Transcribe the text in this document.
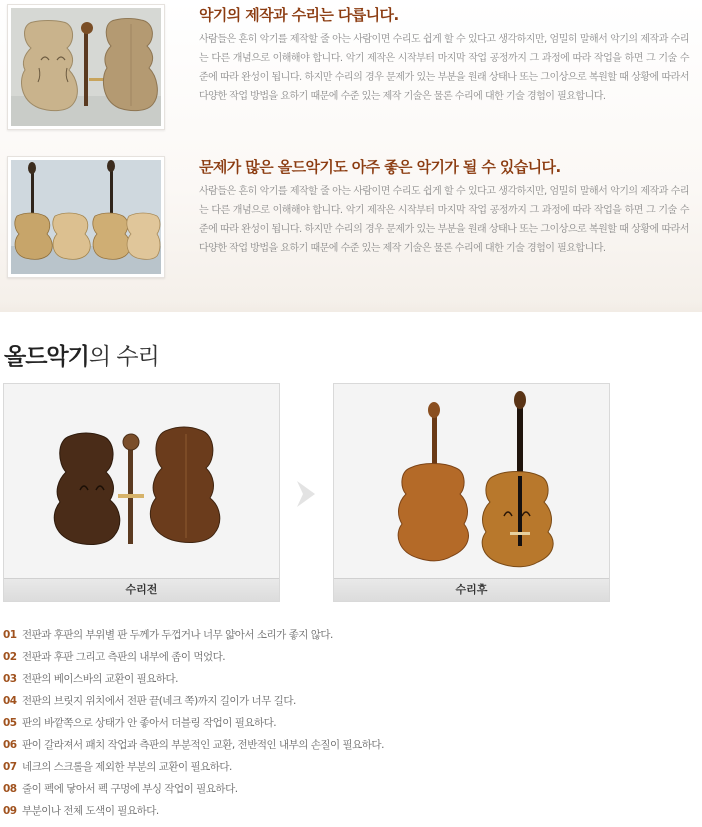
악기의 제작과 수리는 다릅니다.
사람들은 흔히 악기를 제작할 줄 아는 사람이면 수리도 쉽게 할 수 있다고 생각하지만, 엄밀히 말해서 악기의 제작과 수리는 다른 개념으로 이해해야 합니다. 악기 제작은 시작부터 마지막 작업 공정까지 그 과정에 따라 작업을 하면 그 기술 수준에 따라 완성이 됩니다. 하지만 수리의 경우 문제가 있는 부분을 원래 상태나 또는 그이상으로 복원할 때 상황에 따라서 다양한 작업 방법을 요하기 때문에 수준 있는 제작 기술은 물론 수리에 대한 기술 경험이 필요합니다.
문제가 많은 올드악기도 아주 좋은 악기가 될 수 있습니다.
사람들은 흔히 악기를 제작할 줄 아는 사람이면 수리도 쉽게 할 수 있다고 생각하지만, 엄밀히 말해서 악기의 제작과 수리는 다른 개념으로 이해해야 합니다. 악기 제작은 시작부터 마지막 작업 공정까지 그 과정에 따라 작업을 하면 그 기술 수준에 따라 완성이 됩니다. 하지만 수리의 경우 문제가 있는 부분을 원래 상태나 또는 그이상으로 복원할 때 상황에 따라서 다양한 작업 방법을 요하기 때문에 수준 있는 제작 기술은 물론 수리에 대한 기술 경험이 필요합니다.
올드악기의 수리
수리전	수리후
01 전판과 후판의 부위별 판 두께가 두껍거나 너무 얇아서 소리가 좋지 않다.
02 전판과 후판 그리고 측판의 내부에 좀이 먹었다.
03 전판의 베이스바의 교환이 필요하다.
04 전판의 브릿지 위치에서 전판 끝(네크 쪽)까지 길이가 너무 길다.
05 판의 바깥쪽으로 상태가 안 좋아서 더블링 작업이 필요하다.
06 판이 갈라져서 패치 작업과 측판의 부분적인 교환, 전반적인 내부의 손질이 필요하다.
07 네크의 스크롤을 제외한 부분의 교환이 필요하다.
08 줄이 펙에 닿아서 펙 구멍에 부싱 작업이 필요하다.
09 부분이나 전체 도색이 필요하다.
